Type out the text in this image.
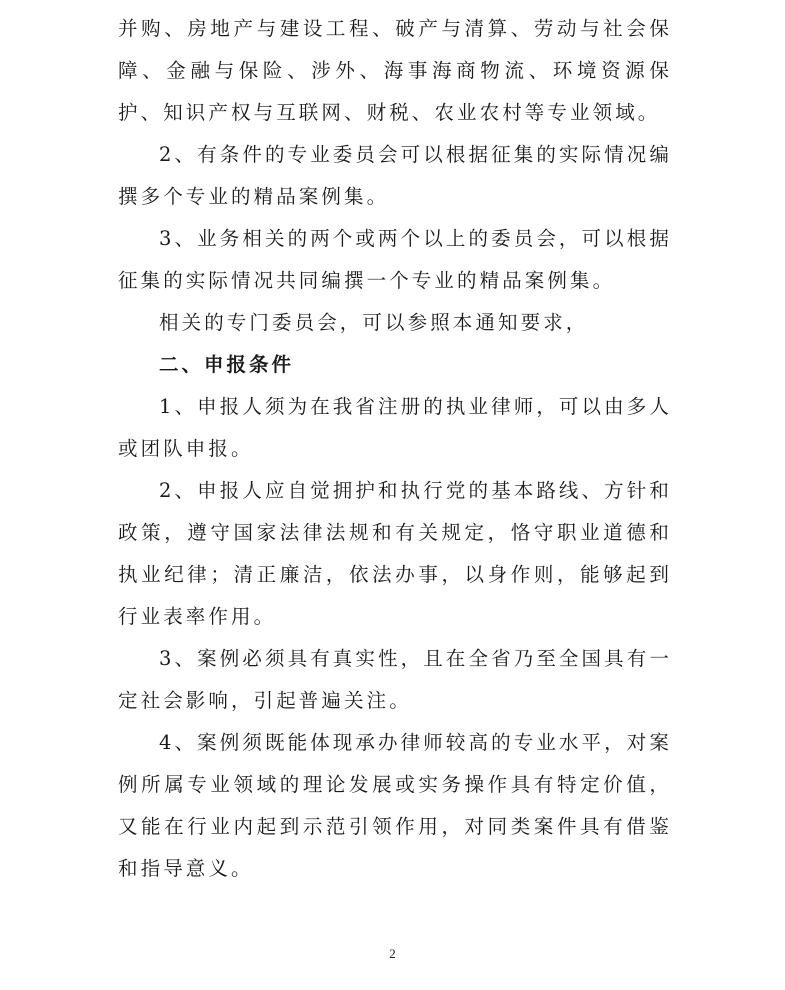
并购、房地产与建设工程、破产与清算、劳动与社会保障、金融与保险、涉外、海事海商物流、环境资源保护、知识产权与互联网、财税、农业农村等专业领域。

2、有条件的专业委员会可以根据征集的实际情况编撰多个专业的精品案例集。

3、业务相关的两个或两个以上的委员会，可以根据征集的实际情况共同编撰一个专业的精品案例集。

相关的专门委员会，可以参照本通知要求，

二、申报条件

1、申报人须为在我省注册的执业律师，可以由多人或团队申报。

2、申报人应自觉拥护和执行党的基本路线、方针和政策，遵守国家法律法规和有关规定，恪守职业道德和执业纪律；清正廉洁，依法办事，以身作则，能够起到行业表率作用。

3、案例必须具有真实性，且在全省乃至全国具有一定社会影响，引起普遍关注。

4、案例须既能体现承办律师较高的专业水平，对案例所属专业领域的理论发展或实务操作具有特定价值，又能在行业内起到示范引领作用，对同类案件具有借鉴和指导意义。

2
